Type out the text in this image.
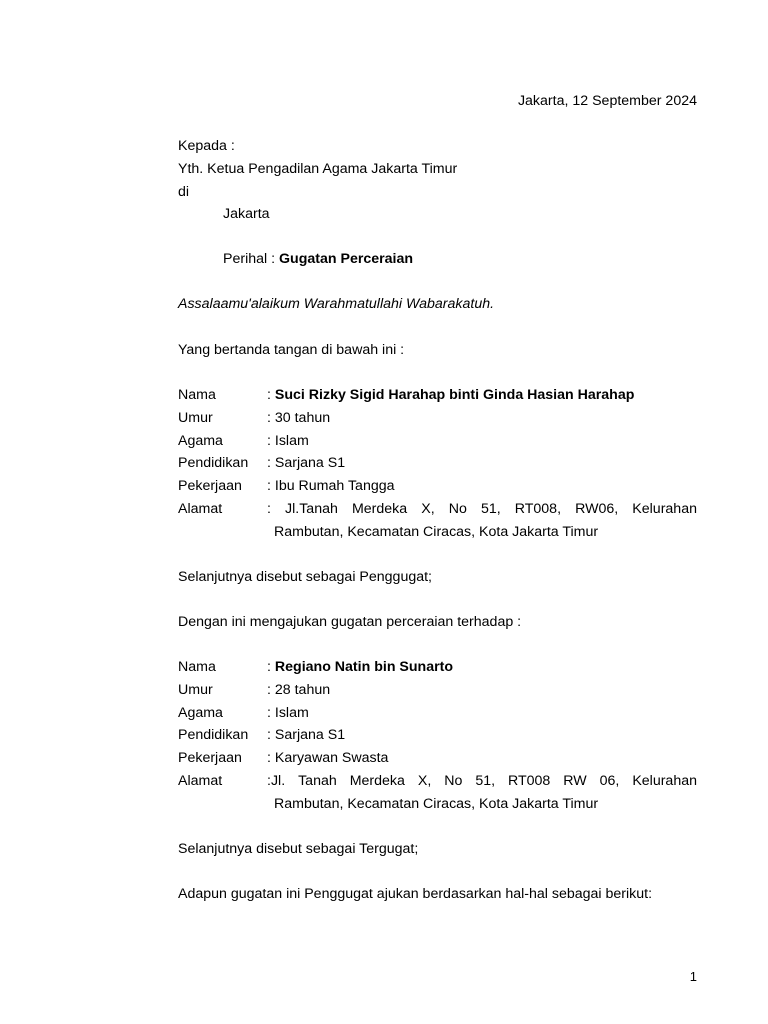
Jakarta, 12 September 2024
Kepada :
Yth. Ketua Pengadilan Agama Jakarta Timur
di
Jakarta
Perihal : Gugatan Perceraian
Assalaamu'alaikum Warahmatullahi Wabarakatuh.
Yang bertanda tangan di bawah ini :
Nama	: Suci Rizky Sigid Harahap binti Ginda Hasian Harahap
Umur	: 30 tahun
Agama	: Islam
Pendidikan	: Sarjana S1
Pekerjaan	: Ibu Rumah Tangga
Alamat	: Jl.Tanah Merdeka X, No 51, RT008, RW06, Kelurahan
Rambutan, Kecamatan Ciracas, Kota Jakarta Timur
Selanjutnya disebut sebagai Penggugat;
Dengan ini mengajukan gugatan perceraian terhadap :
Nama	: Regiano Natin bin Sunarto
Umur	: 28 tahun
Agama	: Islam
Pendidikan	: Sarjana S1
Pekerjaan	: Karyawan Swasta
Alamat	:Jl. Tanah Merdeka X, No 51, RT008 RW 06, Kelurahan
Rambutan, Kecamatan Ciracas, Kota Jakarta Timur
Selanjutnya disebut sebagai Tergugat;
Adapun gugatan ini Penggugat ajukan berdasarkan hal-hal sebagai berikut:
1
